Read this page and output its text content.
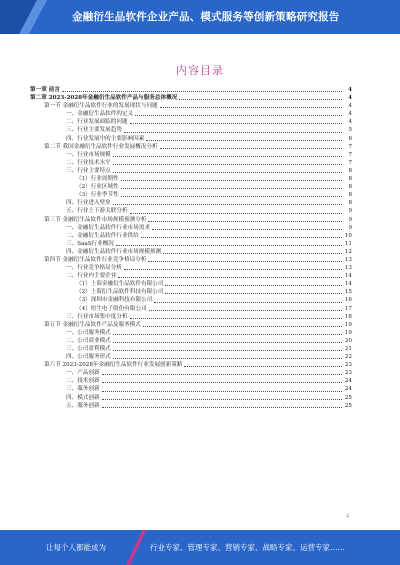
金融衍生品软件企业产品、模式服务等创新策略研究报告
内容目录
第一章 前言	4
第二章 2023-2028年金融衍生品软件产品与服务总体概况	4
第一节 金融衍生品软件行业的发展现状与问题	4
一、金融衍生品软件的定义	4
二、行业发展面临的问题	4
三、行业主要发展趋势	5
四、行业发展中的主要影响因素	6
第二节 我国金融衍生品软件行业发展概况分析	7
一、行业市场规模	7
二、行业技术水平	7
三、行业主要特点	8
（1）行业周期性	8
（2）行业区域性	8
（3）行业季节性	8
四、行业进入壁垒	8
五、行业上下游关联分析	9
第三节 金融衍生品软件市场规模预测分析	9
一、金融衍生品软件行业市场需求	9
二、金融衍生品软件行业供给	10
三、SaaS行业概况	11
四、金融衍生品软件行业市场规模预测	12
第四节 金融衍生品软件行业竞争格局分析	13
一、行业竞争格局分析	13
二、行业内主要企业	14
（1）上海金融衍生品软件有限公司	14
（2）上海衍生品软件科技有限公司	15
（3）深圳市金融科技有限公司	16
（4）恒生电子股份有限公司	17
三、行业市场集中度分析	18
第五节 金融衍生品软件产品及服务模式	19
一、公司服务模式	19
二、公司商业模式	20
三、公司盈利模式	21
四、公司服务形式	22
第六节 2023-2028年金融衍生品软件行业发展创新策略	23
一、产品创新	23
二、技术创新	24
三、服务创新	24
四、模式创新	25
五、服务创新	25
2
让每个人都能成为	行业专家、管理专家、营销专家、战略专家、运营专家……
